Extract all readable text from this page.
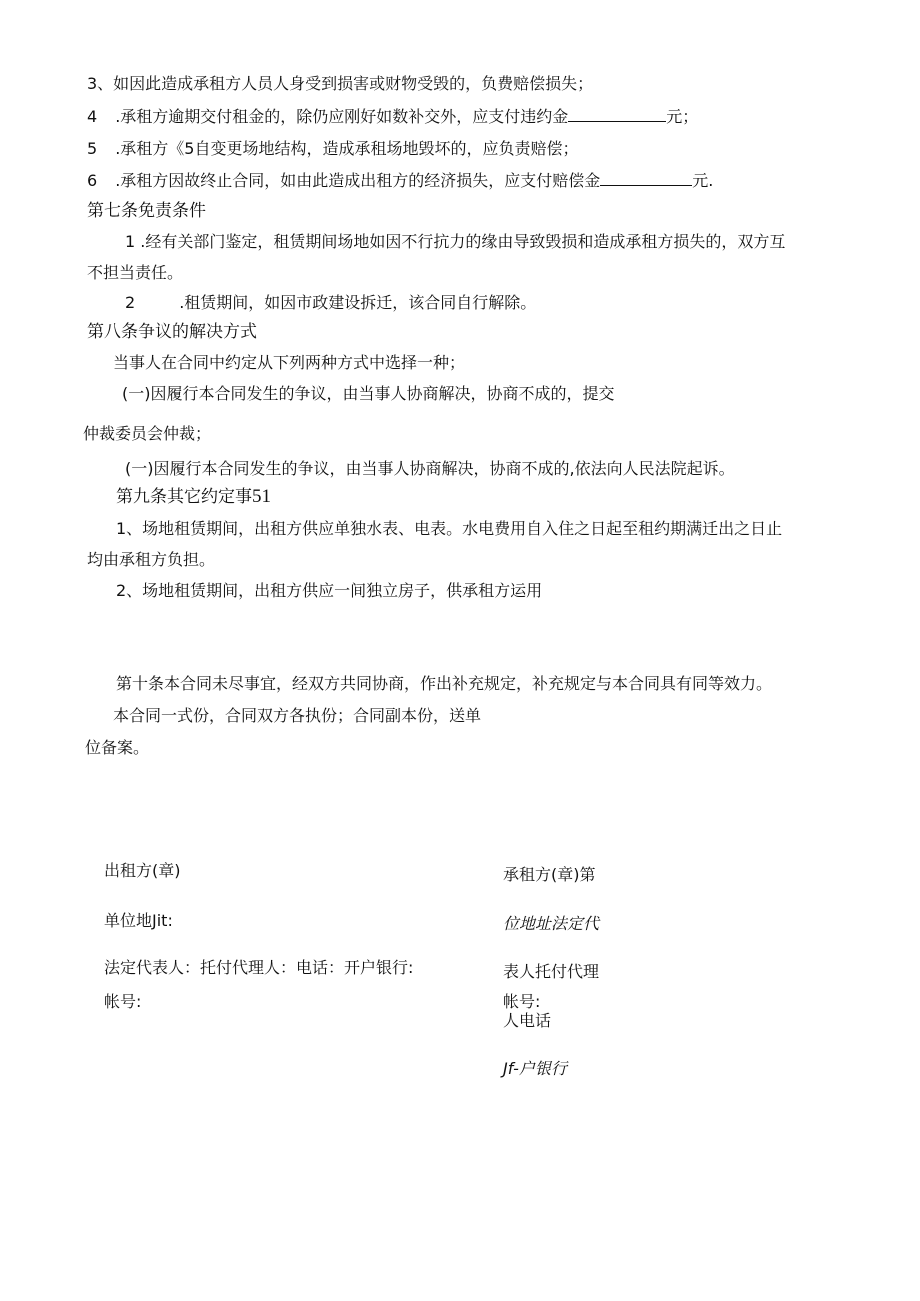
3、如因此造成承租方人员人身受到损害或财物受毁的，负费赔偿损失；
4 .承租方逾期交付租金的，除仍应刚好如数补交外，应支付违约金	元；
5 .承租方《5自变更场地结构，造成承租场地毁坏的，应负责赔偿；
6 .承租方因故终止合同，如由此造成出租方的经济损失，应支付赔偿金	元.
第七条免责条件
1 .经有关部门鉴定，租赁期间场地如因不行抗力的缘由导致毁损和造成承租方损失的，双方互
不担当责任。
2	.租赁期间，如因市政建设拆迁，该合同自行解除。
第八条争议的解决方式
当事人在合同中约定从下列两种方式中选择一种；
(一)因履行本合同发生的争议，由当事人协商解决，协商不成的，提交
仲裁委员会仲裁；
(一)因履行本合同发生的争议，由当事人协商解决，协商不成的,依法向人民法院起诉。
第九条其它约定事51
1、场地租赁期间，出租方供应单独水表、电表。水电费用自入住之日起至租约期满迁出之日止
均由承租方负担。
2、场地租赁期间，出租方供应一间独立房子，供承租方运用
第十条本合同未尽事宜，经双方共同协商，作出补充规定，补充规定与本合同具有同等效力。
本合同一式份，合同双方各执份；合同副本份，送单
位备案。
出租方(章)
单位地Jit:
法定代表人：托付代理人：电话：开户银行:
帐号:
承租方(章)第
位地址法定代
表人托付代理
帐号:
人电话
Jf-户银行
